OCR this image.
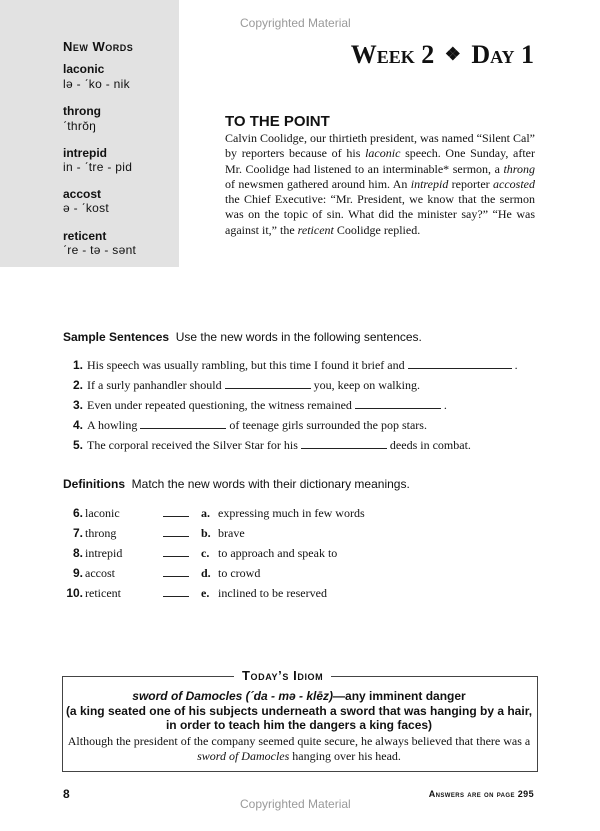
Copyrighted Material
New Words
laconic
lə - ˊko - nik
throng
ˊthrŏŋ
intrepid
in - ˊtre - pid
accost
ə - ˊkost
reticent
ˊre - tə - sənt
Week 2 ❖ Day 1
TO THE POINT
Calvin Coolidge, our thirtieth president, was named “Silent Cal” by reporters because of his laconic speech. One Sunday, after Mr. Coolidge had listened to an interminable* sermon, a throng of newsmen gathered around him. An intrepid reporter accosted the Chief Executive: “Mr. President, we know that the sermon was on the topic of sin. What did the minister say?” “He was against it,” the reticent Coolidge replied.
Sample Sentences Use the new words in the following sentences.
1. His speech was usually rambling, but this time I found it brief and	.
2. If a surly panhandler should	you, keep on walking.
3. Even under repeated questioning, the witness remained	.
4. A howling	of teenage girls surrounded the pop stars.
5. The corporal received the Silver Star for his	deeds in combat.
Definitions Match the new words with their dictionary meanings.
6. laconic	a. expressing much in few words
7. throng	b. brave
8. intrepid	c. to approach and speak to
9. accost	d. to crowd
10. reticent	e. inclined to be reserved
Today’s Idiom
sword of Damocles (ˊda - mə - klēz)—any imminent danger
(a king seated one of his subjects underneath a sword that was hanging by a hair, in order to teach him the dangers a king faces)
Although the president of the company seemed quite secure, he always believed that there was a sword of Damocles hanging over his head.
8	Answers are on page 295
Copyrighted Material
